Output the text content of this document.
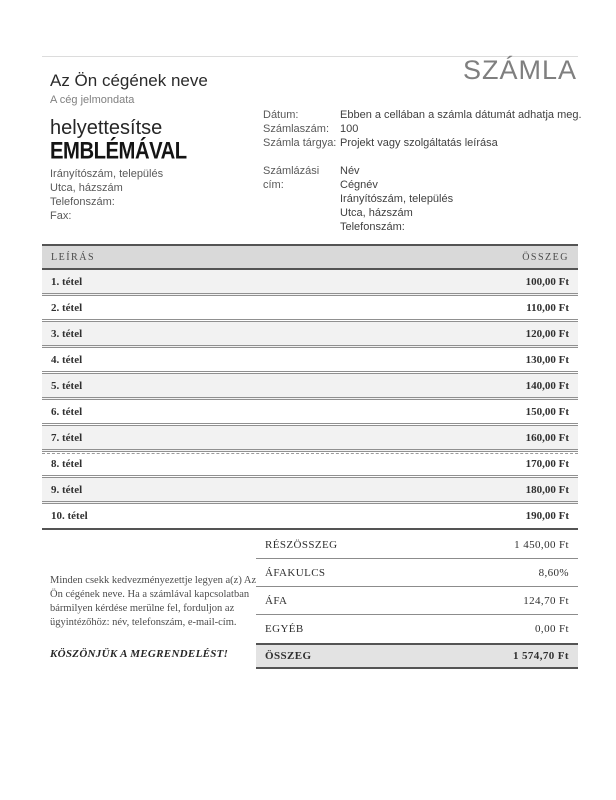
SZÁMLA
Az Ön cégének neve
A cég jelmondata
helyettesítse
EMBLÉMÁVAL
Irányítószám, település
Utca, házszám
Telefonszám:
Fax:
Dátum:	Ebben a cellában a számla dátumát adhatja meg.
Számlaszám: 100
Számla tárgya: Projekt vagy szolgáltatás leírása
Számlázási cím:
Név
Cégnév
Irányítószám, település
Utca, házszám
Telefonszám:
LEÍRÁS	ÖSSZEG
1. tétel	100,00 Ft
2. tétel	110,00 Ft
3. tétel	120,00 Ft
4. tétel	130,00 Ft
5. tétel	140,00 Ft
6. tétel	150,00 Ft
7. tétel	160,00 Ft
8. tétel	170,00 Ft
9. tétel	180,00 Ft
10. tétel	190,00 Ft
RÉSZÖSSZEG	1 450,00 Ft
ÁFAKULCS	8,60%
ÁFA	124,70 Ft
EGYÉB	0,00 Ft
ÖSSZEG	1 574,70 Ft
Minden csekk kedvezményezettje legyen a(z) Az Ön cégének neve. Ha a számlával kapcsolatban bármilyen kérdése merülne fel, forduljon az ügyintézőhöz: név, telefonszám, e-mail-cím.
KÖSZÖNJÜK A MEGRENDELÉST!
